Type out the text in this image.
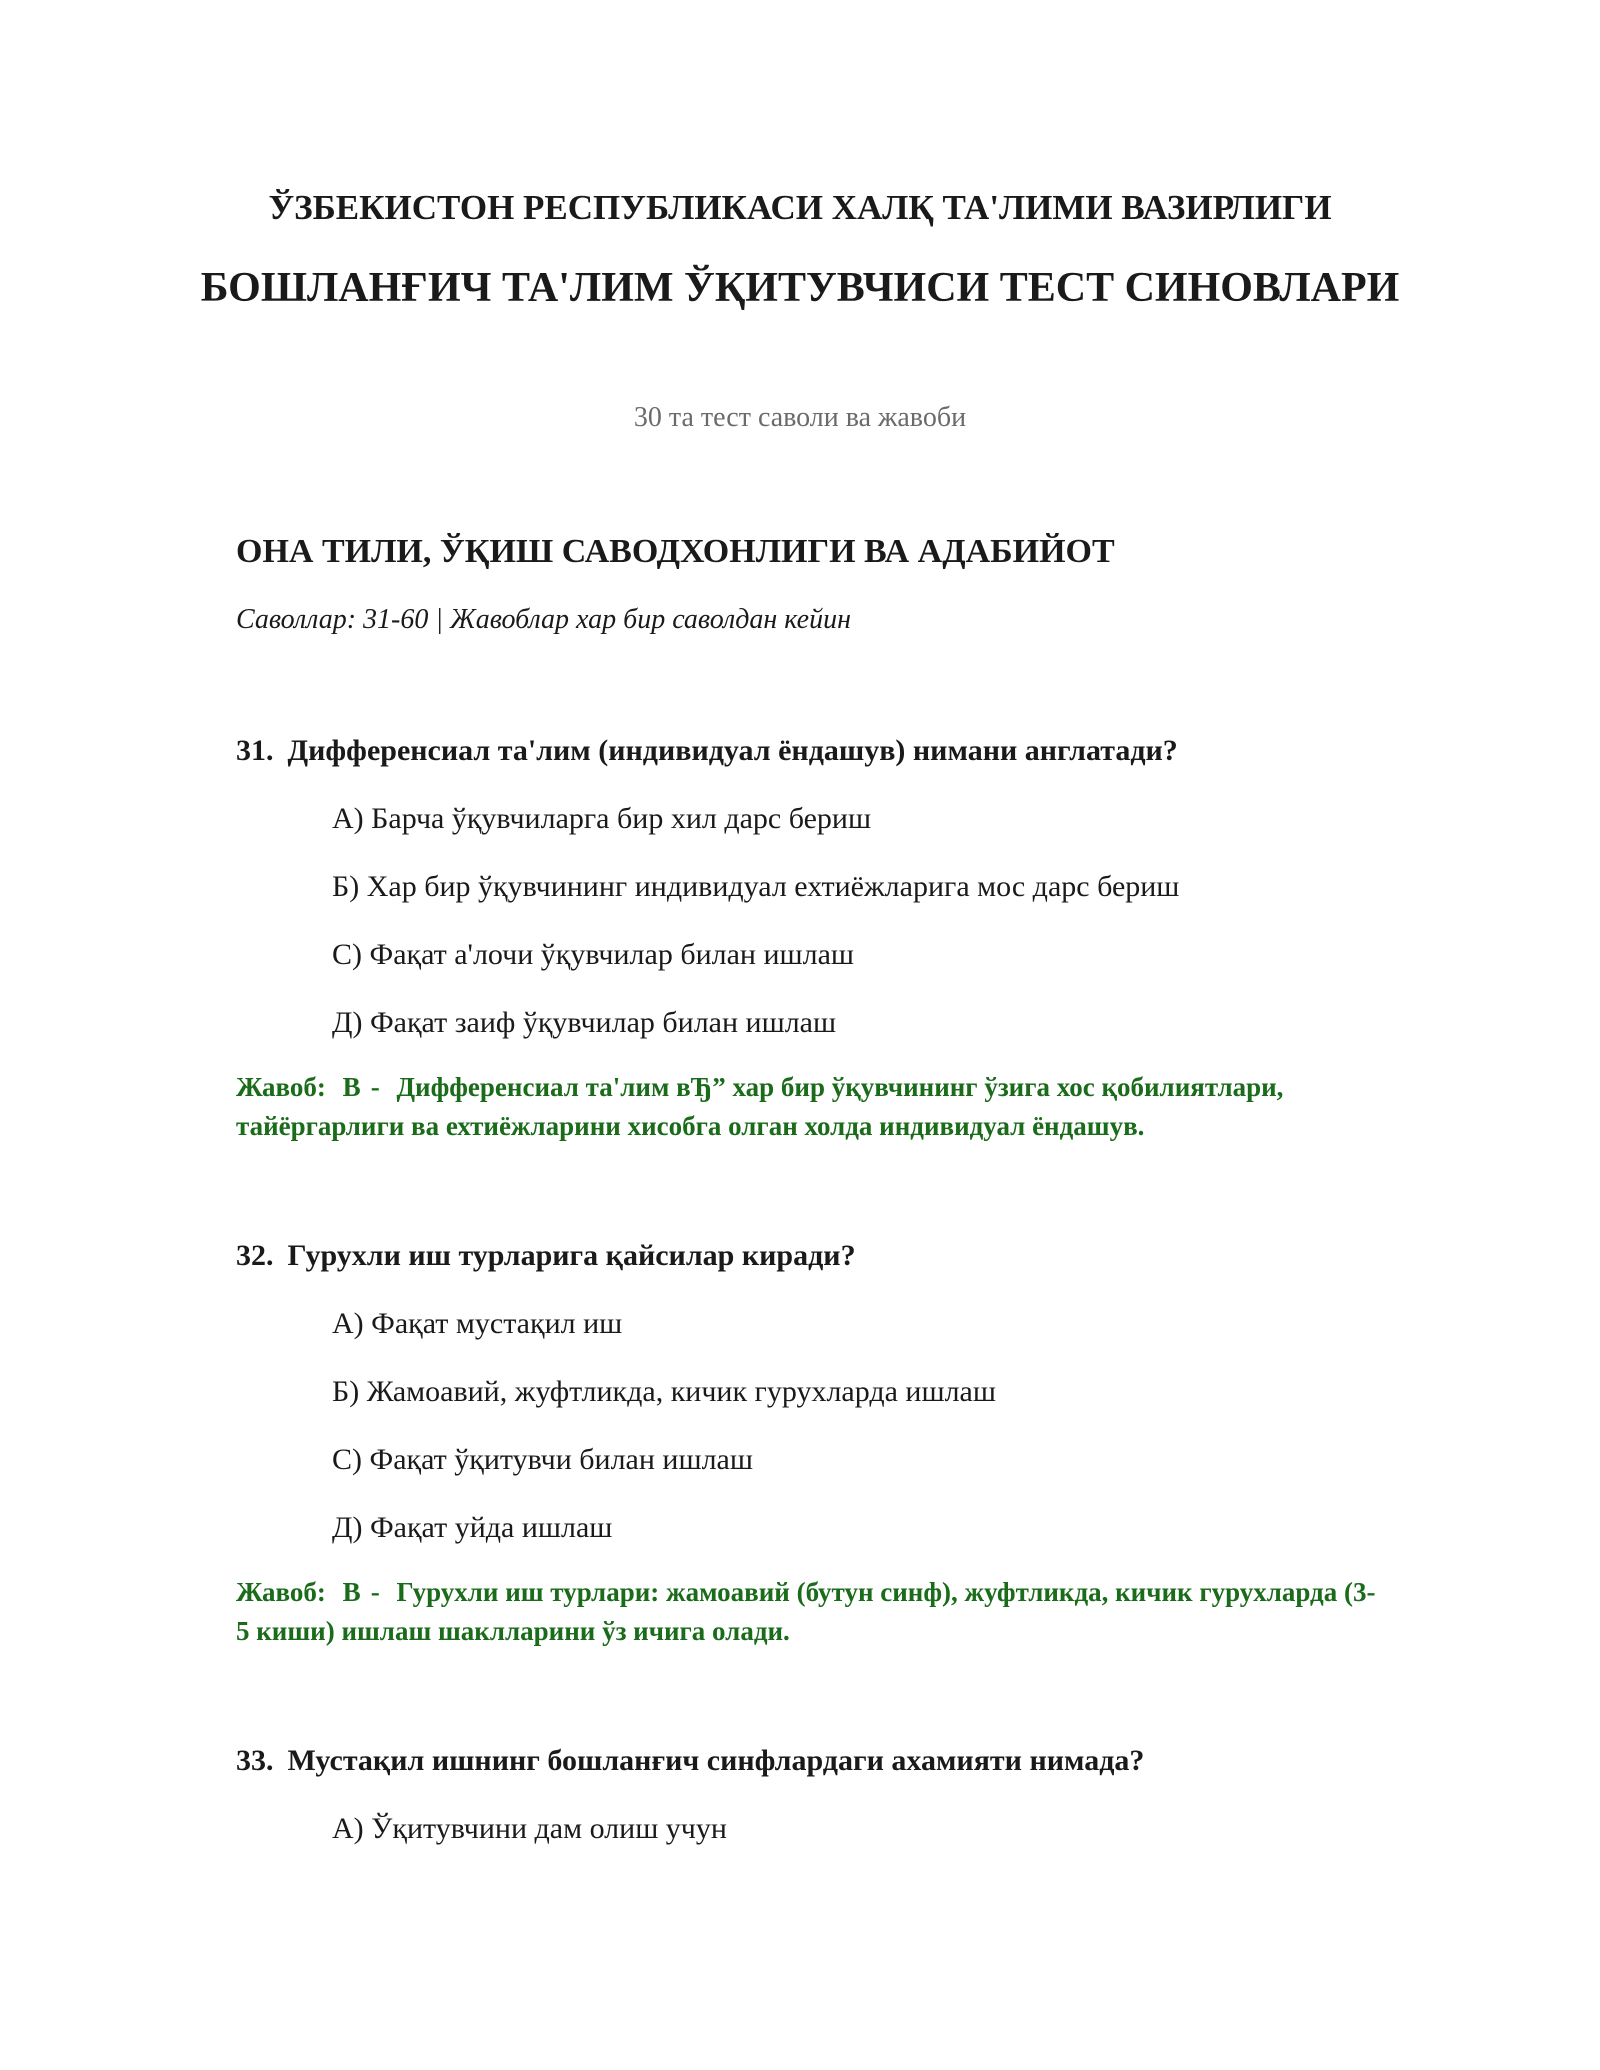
ЎЗБЕКИСТОН РЕСПУБЛИКАСИ ХАЛҚ ТА'ЛИМИ ВАЗИРЛИГИ
БОШЛАНҒИЧ ТА'ЛИМ ЎҚИТУВЧИСИ ТЕСТ СИНОВЛАРИ

30 та тест саволи ва жавоби

ОНА ТИЛИ, ЎҚИШ САВОДХОНЛИГИ ВА АДАБИЙОТ

Саволлар: 31-60 | Жавоблар хар бир саволдан кейин

31. Дифференсиал та'лим (индивидуал ёндашув) нимани англатади?

А) Барча ўқувчиларга бир хил дарс бериш
Б) Хар бир ўқувчининг индивидуал ехтиёжларига мос дарс бериш
С) Фақат а'лочи ўқувчилар билан ишлаш
Д) Фақат заиф ўқувчилар билан ишлаш

Жавоб: B - Дифференсиал та'лим вЂ” хар бир ўқувчининг ўзига хос қобилиятлари, тайёргарлиги ва ехтиёжларини хисобга олган холда индивидуал ёндашув.

32. Гурухли иш турларига қайсилар киради?

А) Фақат мустақил иш
Б) Жамоавий, жуфтликда, кичик гурухларда ишлаш
С) Фақат ўқитувчи билан ишлаш
Д) Фақат уйда ишлаш

Жавоб: B - Гурухли иш турлари: жамоавий (бутун синф), жуфтликда, кичик гурухларда (3-5 киши) ишлаш шаклларини ўз ичига олади.

33. Мустақил ишнинг бошланғич синфлардаги ахамияти нимада?

А) Ўқитувчини дам олиш учун
